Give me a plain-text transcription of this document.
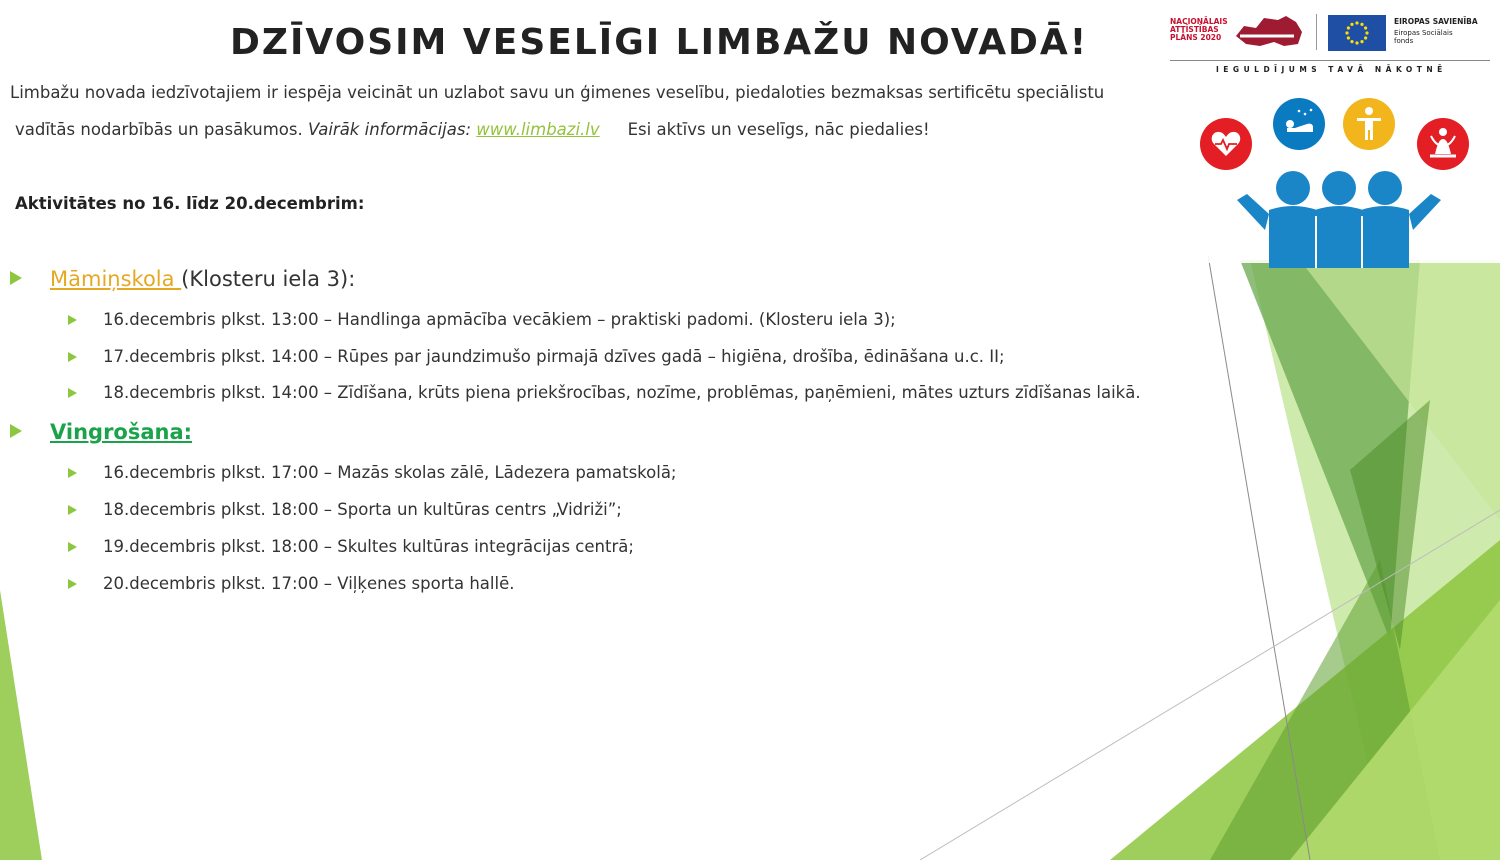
DZĪVOSIM VESELĪGI LIMBAŽU NOVADĀ!
Limbažu novada iedzīvotajiem ir iespēja veicināt un uzlabot savu un ģimenes veselību, piedaloties bezmaksas sertificētu speciālistu
vadītās nodarbībās un pasākumos. Vairāk informācijas: www.limbazi.lv Esi aktīvs un veselīgs, nāc piedalies!
Aktivitātes no 16. līdz 20.decembrim:
Māmiņskola (Klosteru iela 3):
16.decembris plkst. 13:00 – Handlinga apmācība vecākiem – praktiski padomi. (Klosteru iela 3);
17.decembris plkst. 14:00 – Rūpes par jaundzimušo pirmajā dzīves gadā – higiēna, drošība, ēdināšana u.c. II;
18.decembris plkst. 14:00 – Zīdīšana, krūts piena priekšrocības, nozīme, problēmas, paņēmieni, mātes uzturs zīdīšanas laikā.
Vingrošana:
16.decembris plkst. 17:00 – Mazās skolas zālē, Lādezera pamatskolā;
18.decembris plkst. 18:00 – Sporta un kultūras centrs „Vidriži”;
19.decembris plkst. 18:00 – Skultes kultūras integrācijas centrā;
20.decembris plkst. 17:00 – Viļķenes sporta hallē.
NACIONĀLAIS ATTĪSTĪBAS PLĀNS 2020
EIROPAS SAVIENĪBA
Eiropas Sociālais fonds
IEGULDĪJUMS TAVĀ NĀKOTNĒ
